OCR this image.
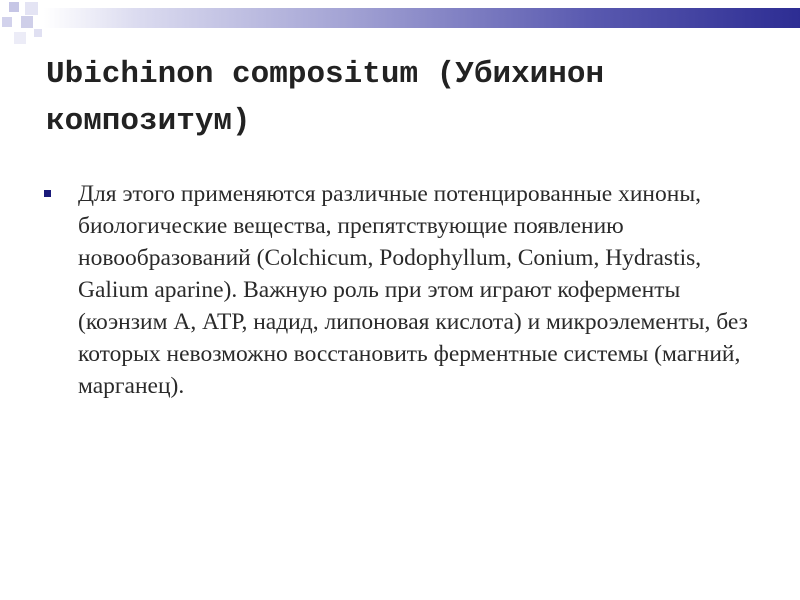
Ubichinon compositum (Убихинон композитум)
Для этого применяются различные потенцированные хиноны, биологические вещества, препятствующие появлению новообразований (Colchicum, Podophyllum, Conium, Hydrastis, Galium aparine). Важную роль при этом играют коферменты (коэнзим А, АТР, надид, липоновая кислота) и микроэлементы, без которых невозможно восстановить ферментные системы (магний, марганец).
